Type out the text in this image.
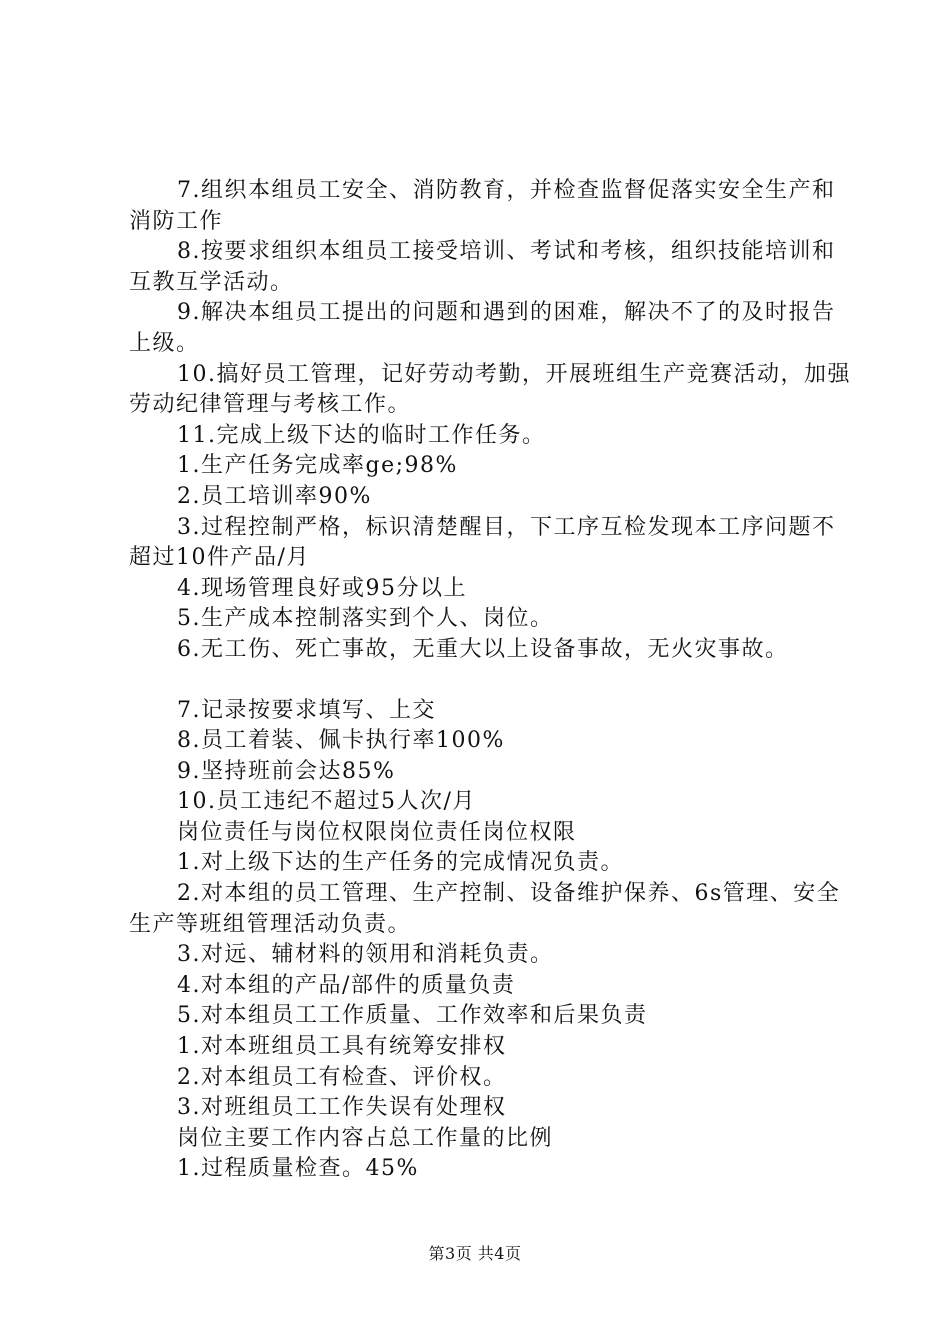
7.组织本组员工安全、消防教育，并检查监督促落实安全生产和消防工作

8.按要求组织本组员工接受培训、考试和考核，组织技能培训和互教互学活动。

9.解决本组员工提出的问题和遇到的困难，解决不了的及时报告上级。

10.搞好员工管理，记好劳动考勤，开展班组生产竞赛活动，加强劳动纪律管理与考核工作。

11.完成上级下达的临时工作任务。

1.生产任务完成率ge;98%

2.员工培训率90%

3.过程控制严格，标识清楚醒目，下工序互检发现本工序问题不超过10件产品/月

4.现场管理良好或95分以上

5.生产成本控制落实到个人、岗位。

6.无工伤、死亡事故，无重大以上设备事故，无火灾事故。

7.记录按要求填写、上交

8.员工着装、佩卡执行率100%

9.坚持班前会达85%

10.员工违纪不超过5人次/月

岗位责任与岗位权限岗位责任岗位权限

1.对上级下达的生产任务的完成情况负责。

2.对本组的员工管理、生产控制、设备维护保养、6s管理、安全生产等班组管理活动负责。

3.对远、辅材料的领用和消耗负责。

4.对本组的产品/部件的质量负责

5.对本组员工工作质量、工作效率和后果负责

1.对本班组员工具有统筹安排权

2.对本组员工有检查、评价权。

3.对班组员工工作失误有处理权

岗位主要工作内容占总工作量的比例

1.过程质量检查。45%

第3页 共4页
